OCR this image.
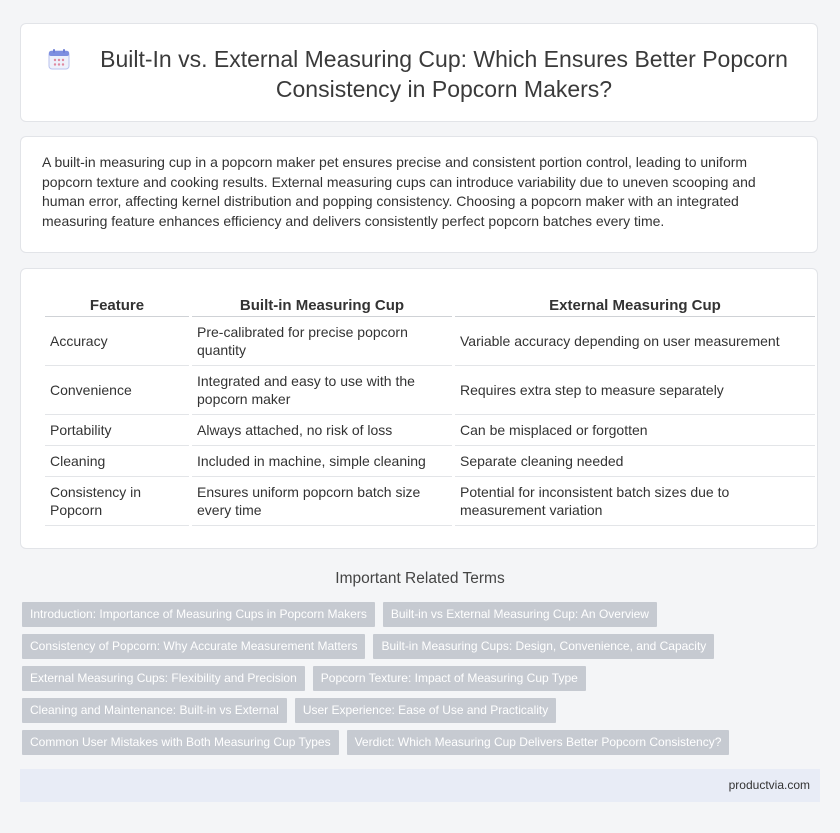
Built-In vs. External Measuring Cup: Which Ensures Better Popcorn Consistency in Popcorn Makers?
A built-in measuring cup in a popcorn maker pet ensures precise and consistent portion control, leading to uniform popcorn texture and cooking results. External measuring cups can introduce variability due to uneven scooping and human error, affecting kernel distribution and popping consistency. Choosing a popcorn maker with an integrated measuring feature enhances efficiency and delivers consistently perfect popcorn batches every time.
Feature	Built-in Measuring Cup	External Measuring Cup
Accuracy	Pre-calibrated for precise popcorn quantity	Variable accuracy depending on user measurement
Convenience	Integrated and easy to use with the popcorn maker	Requires extra step to measure separately
Portability	Always attached, no risk of loss	Can be misplaced or forgotten
Cleaning	Included in machine, simple cleaning	Separate cleaning needed
Consistency in Popcorn	Ensures uniform popcorn batch size every time	Potential for inconsistent batch sizes due to measurement variation
Important Related Terms
Introduction: Importance of Measuring Cups in Popcorn Makers	Built-in vs External Measuring Cup: An Overview
Consistency of Popcorn: Why Accurate Measurement Matters	Built-in Measuring Cups: Design, Convenience, and Capacity
External Measuring Cups: Flexibility and Precision	Popcorn Texture: Impact of Measuring Cup Type
Cleaning and Maintenance: Built-in vs External	User Experience: Ease of Use and Practicality
Common User Mistakes with Both Measuring Cup Types	Verdict: Which Measuring Cup Delivers Better Popcorn Consistency?
productvia.com
